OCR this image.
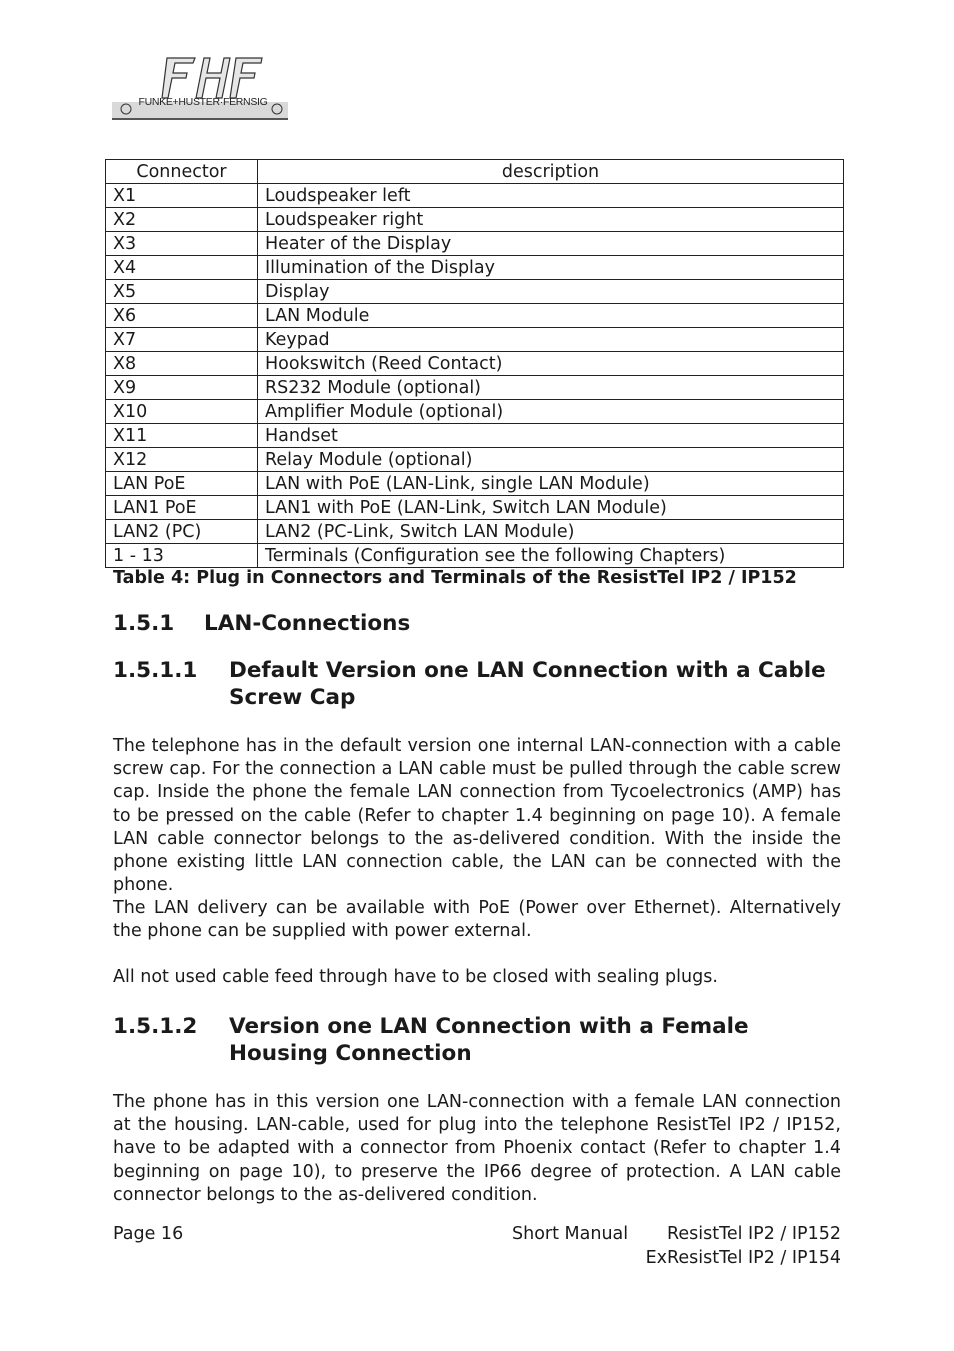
FUNKE+HUSTER·FERNSIG
Connector	description
X1	Loudspeaker left
X2	Loudspeaker right
X3	Heater of the Display
X4	Illumination of the Display
X5	Display
X6	LAN Module
X7	Keypad
X8	Hookswitch (Reed Contact)
X9	RS232 Module (optional)
X10	Amplifier Module (optional)
X11	Handset
X12	Relay Module (optional)
LAN PoE	LAN with PoE (LAN-Link, single LAN Module)
LAN1 PoE	LAN1 with PoE (LAN-Link, Switch LAN Module)
LAN2 (PC)	LAN2 (PC-Link, Switch LAN Module)
1 - 13	Terminals (Configuration see the following Chapters)
Table 4: Plug in Connectors and Terminals of the ResistTel IP2 / IP152
1.5.1 LAN-Connections
1.5.1.1 Default Version one LAN Connection with a Cable Screw Cap

The telephone has in the default version one internal LAN-connection with a cable screw cap. For the connection a LAN cable must be pulled through the cable screw cap. Inside the phone the female LAN connection from Tycoelectronics (AMP) has to be pressed on the cable (Refer to chapter 1.4 beginning on page 10). A female LAN cable connector belongs to the as-delivered condition. With the inside the phone existing little LAN connection cable, the LAN can be connected with the phone.

The LAN delivery can be available with PoE (Power over Ethernet). Alternatively the phone can be supplied with power external.

All not used cable feed through have to be closed with sealing plugs.

1.5.1.2 Version one LAN Connection with a Female Housing Connection

The phone has in this version one LAN-connection with a female LAN connection at the housing. LAN-cable, used for plug into the telephone ResistTel IP2 / IP152, have to be adapted with a connector from Phoenix contact (Refer to chapter 1.4 beginning on page 10), to preserve the IP66 degree of protection. A LAN cable connector belongs to the as-delivered condition.

Page 16	Short Manual	ResistTel IP2 / IP152
ExResistTel IP2 / IP154
